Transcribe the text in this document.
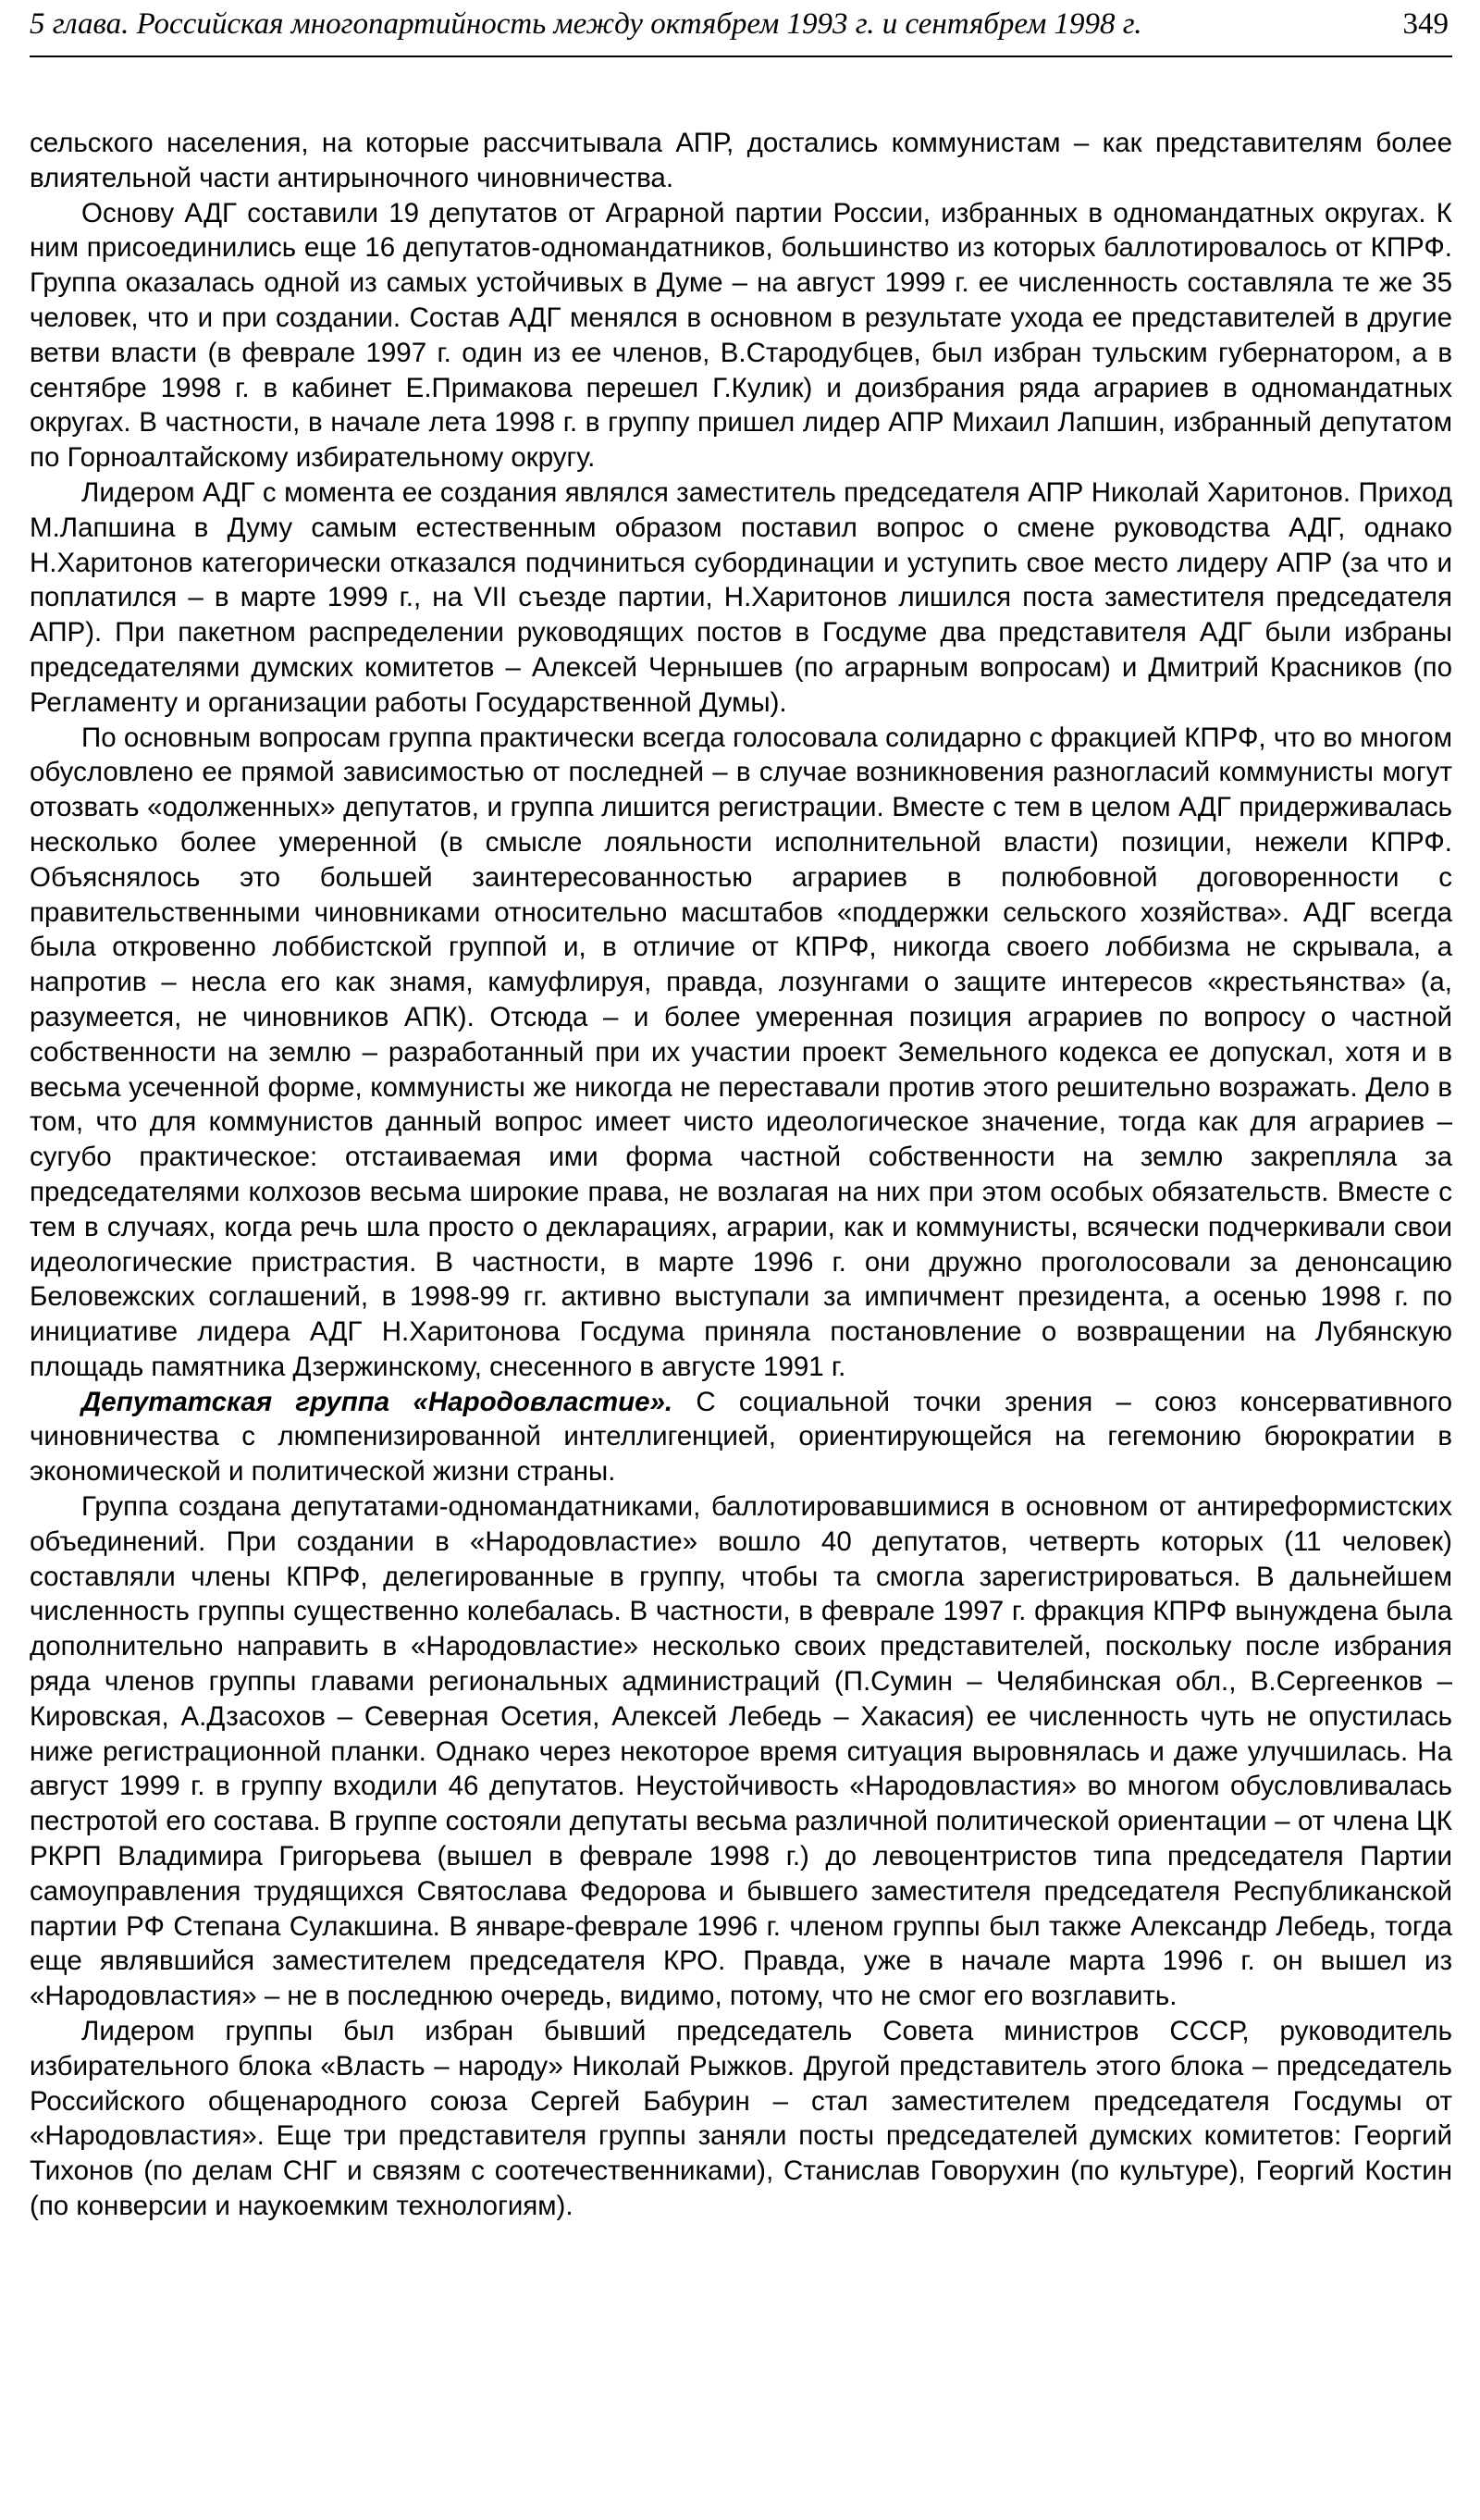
5 глава. Российская многопартийность между октябрем 1993 г. и сентябрем 1998 г.	349

сельского населения, на которые рассчитывала АПР, достались коммунистам – как представителям более влиятельной части антирыночного чиновничества.

Основу АДГ составили 19 депутатов от Аграрной партии России, избранных в одномандатных округах. К ним присоединились еще 16 депутатов-одномандатников, большинство из которых баллотировалось от КПРФ. Группа оказалась одной из самых устойчивых в Думе – на август 1999 г. ее численность составляла те же 35 человек, что и при создании. Состав АДГ менялся в основном в результате ухода ее представителей в другие ветви власти (в феврале 1997 г. один из ее членов, В.Стародубцев, был избран тульским губернатором, а в сентябре 1998 г. в кабинет Е.Примакова перешел Г.Кулик) и доизбрания ряда аграриев в одномандатных округах. В частности, в начале лета 1998 г. в группу пришел лидер АПР Михаил Лапшин, избранный депутатом по Горноалтайскому избирательному округу.

Лидером АДГ с момента ее создания являлся заместитель председателя АПР Николай Харитонов. Приход М.Лапшина в Думу самым естественным образом поставил вопрос о смене руководства АДГ, однако Н.Харитонов категорически отказался подчиниться субординации и уступить свое место лидеру АПР (за что и поплатился – в марте 1999 г., на VII съезде партии, Н.Харитонов лишился поста заместителя председателя АПР). При пакетном распределении руководящих постов в Госдуме два представителя АДГ были избраны председателями думских комитетов – Алексей Чернышев (по аграрным вопросам) и Дмитрий Красников (по Регламенту и организации работы Государственной Думы).

По основным вопросам группа практически всегда голосовала солидарно с фракцией КПРФ, что во многом обусловлено ее прямой зависимостью от последней – в случае возникновения разногласий коммунисты могут отозвать «одолженных» депутатов, и группа лишится регистрации. Вместе с тем в целом АДГ придерживалась несколько более умеренной (в смысле лояльности исполнительной власти) позиции, нежели КПРФ. Объяснялось это большей заинтересованностью аграриев в полюбовной договоренности с правительственными чиновниками относительно масштабов «поддержки сельского хозяйства». АДГ всегда была откровенно лоббистской группой и, в отличие от КПРФ, никогда своего лоббизма не скрывала, а напротив – несла его как знамя, камуфлируя, правда, лозунгами о защите интересов «крестьянства» (а, разумеется, не чиновников АПК). Отсюда – и более умеренная позиция аграриев по вопросу о частной собственности на землю – разработанный при их участии проект Земельного кодекса ее допускал, хотя и в весьма усеченной форме, коммунисты же никогда не переставали против этого решительно возражать. Дело в том, что для коммунистов данный вопрос имеет чисто идеологическое значение, тогда как для аграриев – сугубо практическое: отстаиваемая ими форма частной собственности на землю закрепляла за председателями колхозов весьма широкие права, не возлагая на них при этом особых обязательств. Вместе с тем в случаях, когда речь шла просто о декларациях, аграрии, как и коммунисты, всячески подчеркивали свои идеологические пристрастия. В частности, в марте 1996 г. они дружно проголосовали за денонсацию Беловежских соглашений, в 1998-99 гг. активно выступали за импичмент президента, а осенью 1998 г. по инициативе лидера АДГ Н.Харитонова Госдума приняла постановление о возвращении на Лубянскую площадь памятника Дзержинскому, снесенного в августе 1991 г.

Депутатская группа «Народовластие». С социальной точки зрения – союз консервативного чиновничества с люмпенизированной интеллигенцией, ориентирующейся на гегемонию бюрократии в экономической и политической жизни страны.

Группа создана депутатами-одномандатниками, баллотировавшимися в основном от антиреформистских объединений. При создании в «Народовластие» вошло 40 депутатов, четверть которых (11 человек) составляли члены КПРФ, делегированные в группу, чтобы та смогла зарегистрироваться. В дальнейшем численность группы существенно колебалась. В частности, в феврале 1997 г. фракция КПРФ вынуждена была дополнительно направить в «Народовластие» несколько своих представителей, поскольку после избрания ряда членов группы главами региональных администраций (П.Сумин – Челябинская обл., В.Сергеенков – Кировская, А.Дзасохов – Северная Осетия, Алексей Лебедь – Хакасия) ее численность чуть не опустилась ниже регистрационной планки. Однако через некоторое время ситуация выровнялась и даже улучшилась. На август 1999 г. в группу входили 46 депутатов. Неустойчивость «Народовластия» во многом обусловливалась пестротой его состава. В группе состояли депутаты весьма различной политической ориентации – от члена ЦК РКРП Владимира Григорьева (вышел в феврале 1998 г.) до левоцентристов типа председателя Партии самоуправления трудящихся Святослава Федорова и бывшего заместителя председателя Республиканской партии РФ Степана Сулакшина. В январе-феврале 1996 г. членом группы был также Александр Лебедь, тогда еще являвшийся заместителем председателя КРО. Правда, уже в начале марта 1996 г. он вышел из «Народовластия» – не в последнюю очередь, видимо, потому, что не смог его возглавить.

Лидером группы был избран бывший председатель Совета министров СССР, руководитель избирательного блока «Власть – народу» Николай Рыжков. Другой представитель этого блока – председатель Российского общенародного союза Сергей Бабурин – стал заместителем председателя Госдумы от «Народовластия». Еще три представителя группы заняли посты председателей думских комитетов: Георгий Тихонов (по делам СНГ и связям с соотечественниками), Станислав Говорухин (по культуре), Георгий Костин (по конверсии и наукоемким технологиям).
